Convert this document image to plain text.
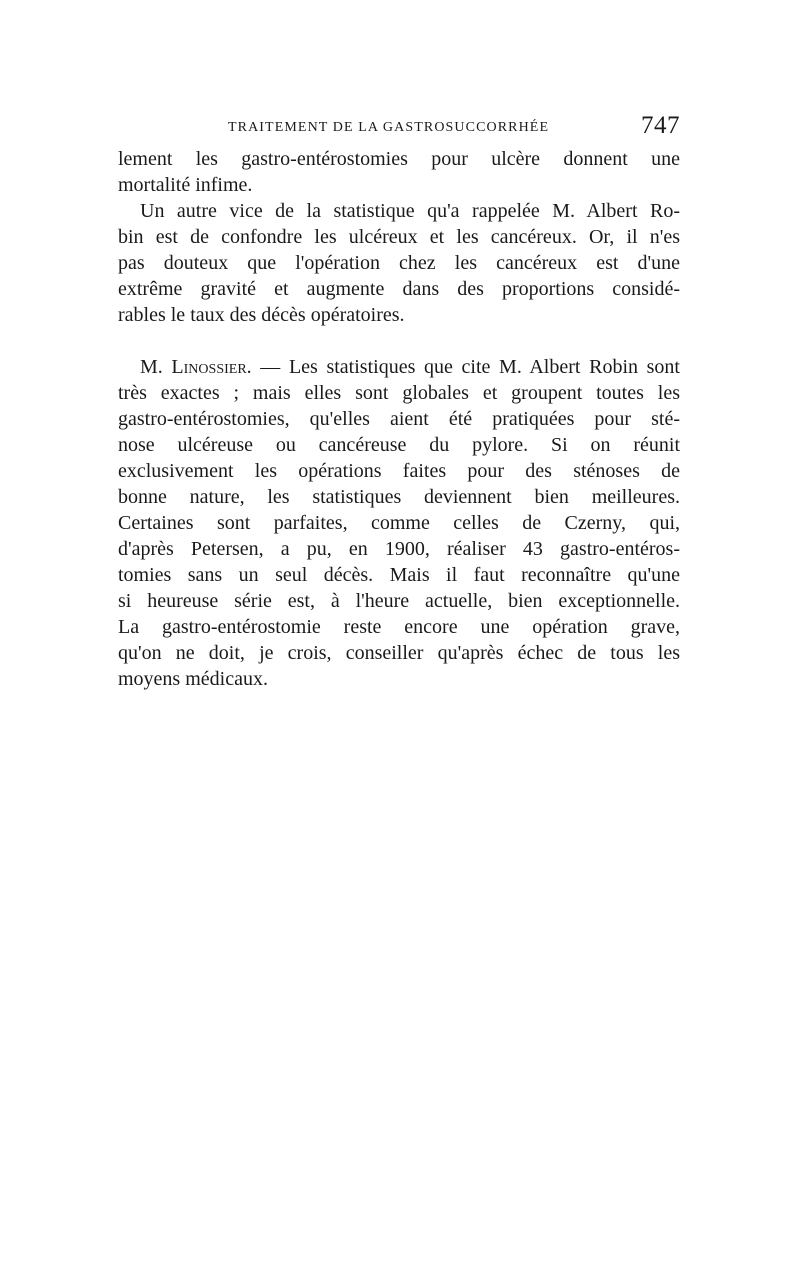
TRAITEMENT DE LA GASTROSUCCORRHÉE	747

lement les gastro-entérostomies pour ulcère donnent une
mortalité infime.

Un autre vice de la statistique qu'a rappelée M. Albert Ro-
bin est de confondre les ulcéreux et les cancéreux. Or, il n'es
pas douteux que l'opération chez les cancéreux est d'une
extrême gravité et augmente dans des proportions considé-
rables le taux des décès opératoires.

M. Linossier. — Les statistiques que cite M. Albert Robin sont
très exactes ; mais elles sont globales et groupent toutes les
gastro-entérostomies, qu'elles aient été pratiquées pour sté-
nose ulcéreuse ou cancéreuse du pylore. Si on réunit
exclusivement les opérations faites pour des sténoses de
bonne nature, les statistiques deviennent bien meilleures.
Certaines sont parfaites, comme celles de Czerny, qui,
d'après Petersen, a pu, en 1900, réaliser 43 gastro-entéros-
tomies sans un seul décès. Mais il faut reconnaître qu'une
si heureuse série est, à l'heure actuelle, bien exceptionnelle.
La gastro-entérostomie reste encore une opération grave,
qu'on ne doit, je crois, conseiller qu'après échec de tous les
moyens médicaux.
